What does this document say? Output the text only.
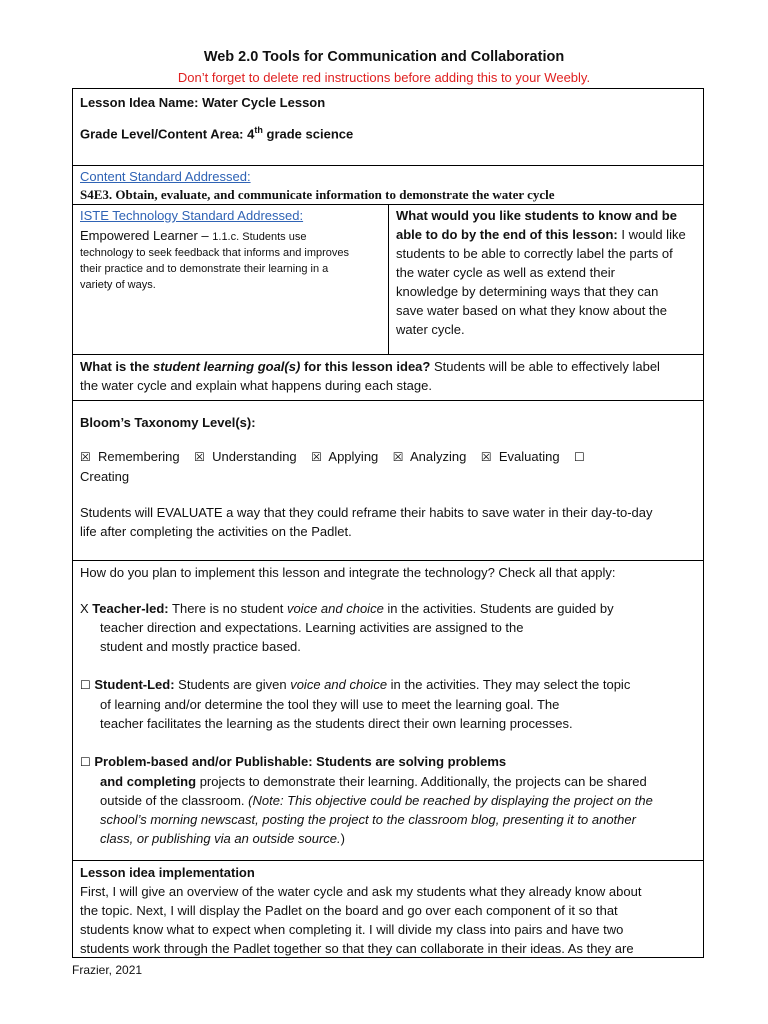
Web 2.0 Tools for Communication and Collaboration
Don’t forget to delete red instructions before adding this to your Weebly.

Lesson Idea Name: Water Cycle Lesson

Grade Level/Content Area: 4th grade science

Content Standard Addressed:

S4E3. Obtain, evaluate, and communicate information to demonstrate the water cycle

ISTE Technology Standard Addressed:

Empowered Learner – 1.1.c. Students use

technology to seek feedback that informs and improves

their practice and to demonstrate their learning in a

variety of ways.

What would you like students to know and be

able to do by the end of this lesson: I would like

students to be able to correctly label the parts of

the water cycle as well as extend their

knowledge by determining ways that they can

save water based on what they know about the

water cycle.

What is the student learning goal(s) for this lesson idea? Students will be able to effectively label

the water cycle and explain what happens during each stage.

Bloom’s Taxonomy Level(s):

☒ Remembering ☒ Understanding ☒ Applying ☒ Analyzing ☒ Evaluating ☐
Creating

Students will EVALUATE a way that they could reframe their habits to save water in their day-to-day

life after completing the activities on the Padlet.

How do you plan to implement this lesson and integrate the technology? Check all that apply:

X Teacher-led: There is no student voice and choice in the activities. Students are guided by

teacher direction and expectations. Learning activities are assigned to the

student and mostly practice based.

☐ Student-Led: Students are given voice and choice in the activities. They may select the topic

of learning and/or determine the tool they will use to meet the learning goal. The

teacher facilitates the learning as the students direct their own learning processes.

☐ Problem-based and/or Publishable: Students are solving problems

and completing projects to demonstrate their learning. Additionally, the projects can be shared

outside of the classroom. (Note: This objective could be reached by displaying the project on the

school’s morning newscast, posting the project to the classroom blog, presenting it to another

class, or publishing via an outside source.)

Lesson idea implementation

First, I will give an overview of the water cycle and ask my students what they already know about

the topic. Next, I will display the Padlet on the board and go over each component of it so that

students know what to expect when completing it. I will divide my class into pairs and have two

students work through the Padlet together so that they can collaborate in their ideas. As they are

Frazier, 2021
